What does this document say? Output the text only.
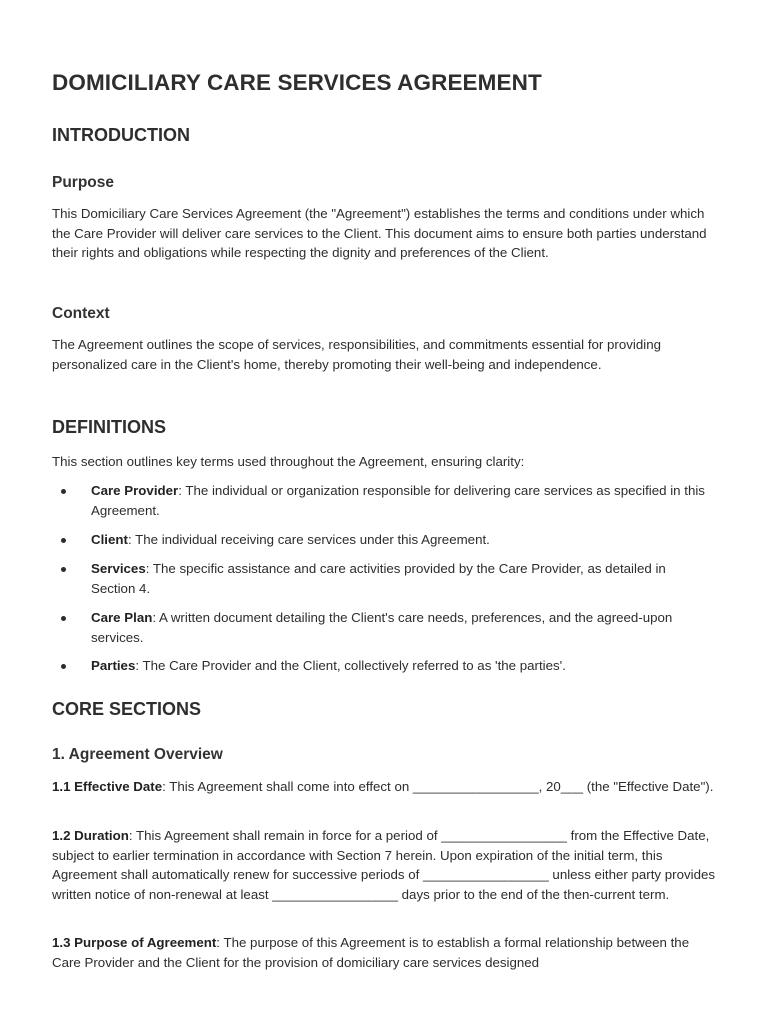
DOMICILIARY CARE SERVICES AGREEMENT
INTRODUCTION
Purpose

This Domiciliary Care Services Agreement (the "Agreement") establishes the terms and conditions under which the Care Provider will deliver care services to the Client. This document aims to ensure both parties understand their rights and obligations while respecting the dignity and preferences of the Client.

Context

The Agreement outlines the scope of services, responsibilities, and commitments essential for providing personalized care in the Client's home, thereby promoting their well-being and independence.

DEFINITIONS

This section outlines key terms used throughout the Agreement, ensuring clarity:

Care Provider: The individual or organization responsible for delivering care services as specified in this Agreement.
Client: The individual receiving care services under this Agreement.
Services: The specific assistance and care activities provided by the Care Provider, as detailed in Section 4.
Care Plan: A written document detailing the Client's care needs, preferences, and the agreed-upon services.
Parties: The Care Provider and the Client, collectively referred to as 'the parties'.
CORE SECTIONS
1. Agreement Overview

1.1 Effective Date: This Agreement shall come into effect on _________________, 20___ (the "Effective Date").

1.2 Duration: This Agreement shall remain in force for a period of _________________ from the Effective Date, subject to earlier termination in accordance with Section 7 herein. Upon expiration of the initial term, this Agreement shall automatically renew for successive periods of _________________ unless either party provides written notice of non-renewal at least _________________ days prior to the end of the then-current term.

1.3 Purpose of Agreement: The purpose of this Agreement is to establish a formal relationship between the Care Provider and the Client for the provision of domiciliary care services designed
